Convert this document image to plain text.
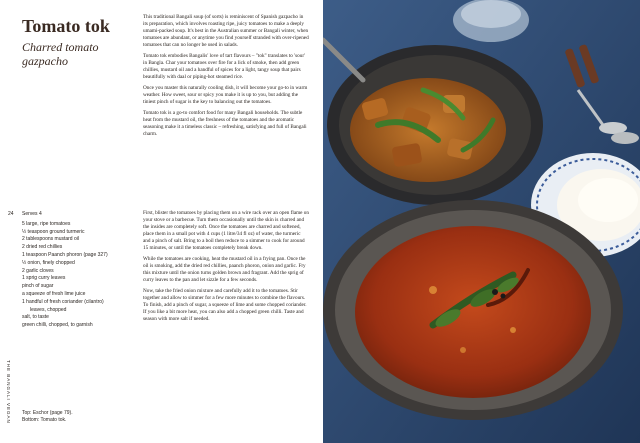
Tomato tok
Charred tomato gazpacho

This traditional Bangali soup (of sorts) is reminiscent of Spanish gazpacho in its preparation, which involves roasting ripe, juicy tomatoes to make a deeply umami-packed soup. It's best in the Australian summer or Bangali winter, when tomatoes are abundant, or anytime you find yourself stranded with over-ripened tomatoes that can no longer be used in salads.

Tomato tok embodies Bangalis' love of tart flavours – "tok" translates to 'sour' in Bangla. Char your tomatoes over fire for a lick of smoke, then add green chillies, mustard oil and a handful of spices for a light, tangy soup that pairs beautifully with daal or piping-hot steamed rice.

Once you master this naturally cooling dish, it will become your go-to in warm weather. How sweet, sour or spicy you make it is up to you, but adding the tiniest pinch of sugar is the key to balancing out the tomatoes.

Tomato tok is a go-to comfort food for many Bangali households. The subtle heat from the mustard oil, the freshness of the tomatoes and the aromatic seasoning make it a timeless classic – refreshing, satisfying and full of Bangali charm.

24 Serves 4
5 large, ripe tomatoes
½ teaspoon ground turmeric
2 tablespoons mustard oil
2 dried red chillies
1 teaspoon Paanch phoron (page 327)
½ onion, finely chopped
2 garlic cloves
1 sprig curry leaves
pinch of sugar
a squeeze of fresh lime juice
1 handful of fresh coriander (cilantro)
leaves, chopped
salt, to taste
green chilli, chopped, to garnish

First, blister the tomatoes by placing them on a wire rack over an open flame on your stove or a barbecue. Turn them occasionally until the skin is charred and the insides are completely soft. Once the tomatoes are charred and softened, place them in a small pot with 4 cups (1 litre/34 fl oz) of water, the turmeric and a pinch of salt. Bring to a boil then reduce to a simmer to cook for around 15 minutes, or until the tomatoes completely break down.

While the tomatoes are cooking, heat the mustard oil in a frying pan. Once the oil is smoking, add the dried red chillies, paanch phoron, onion and garlic. Fry this mixture until the onion turns golden brown and fragrant. Add the sprig of curry leaves to the pan and let sizzle for a few seconds.

Now, take the fried onion mixture and carefully add it to the tomatoes. Stir together and allow to simmer for a few more minutes to combine the flavours. To finish, add a pinch of sugar, a squeeze of lime and some chopped coriander. If you like a bit more heat, you can also add a chopped green chilli. Taste and season with more salt if needed.

THE BANGALI VEGAN Top: Eschor (page 79).
Bottom: Tomato tok.
